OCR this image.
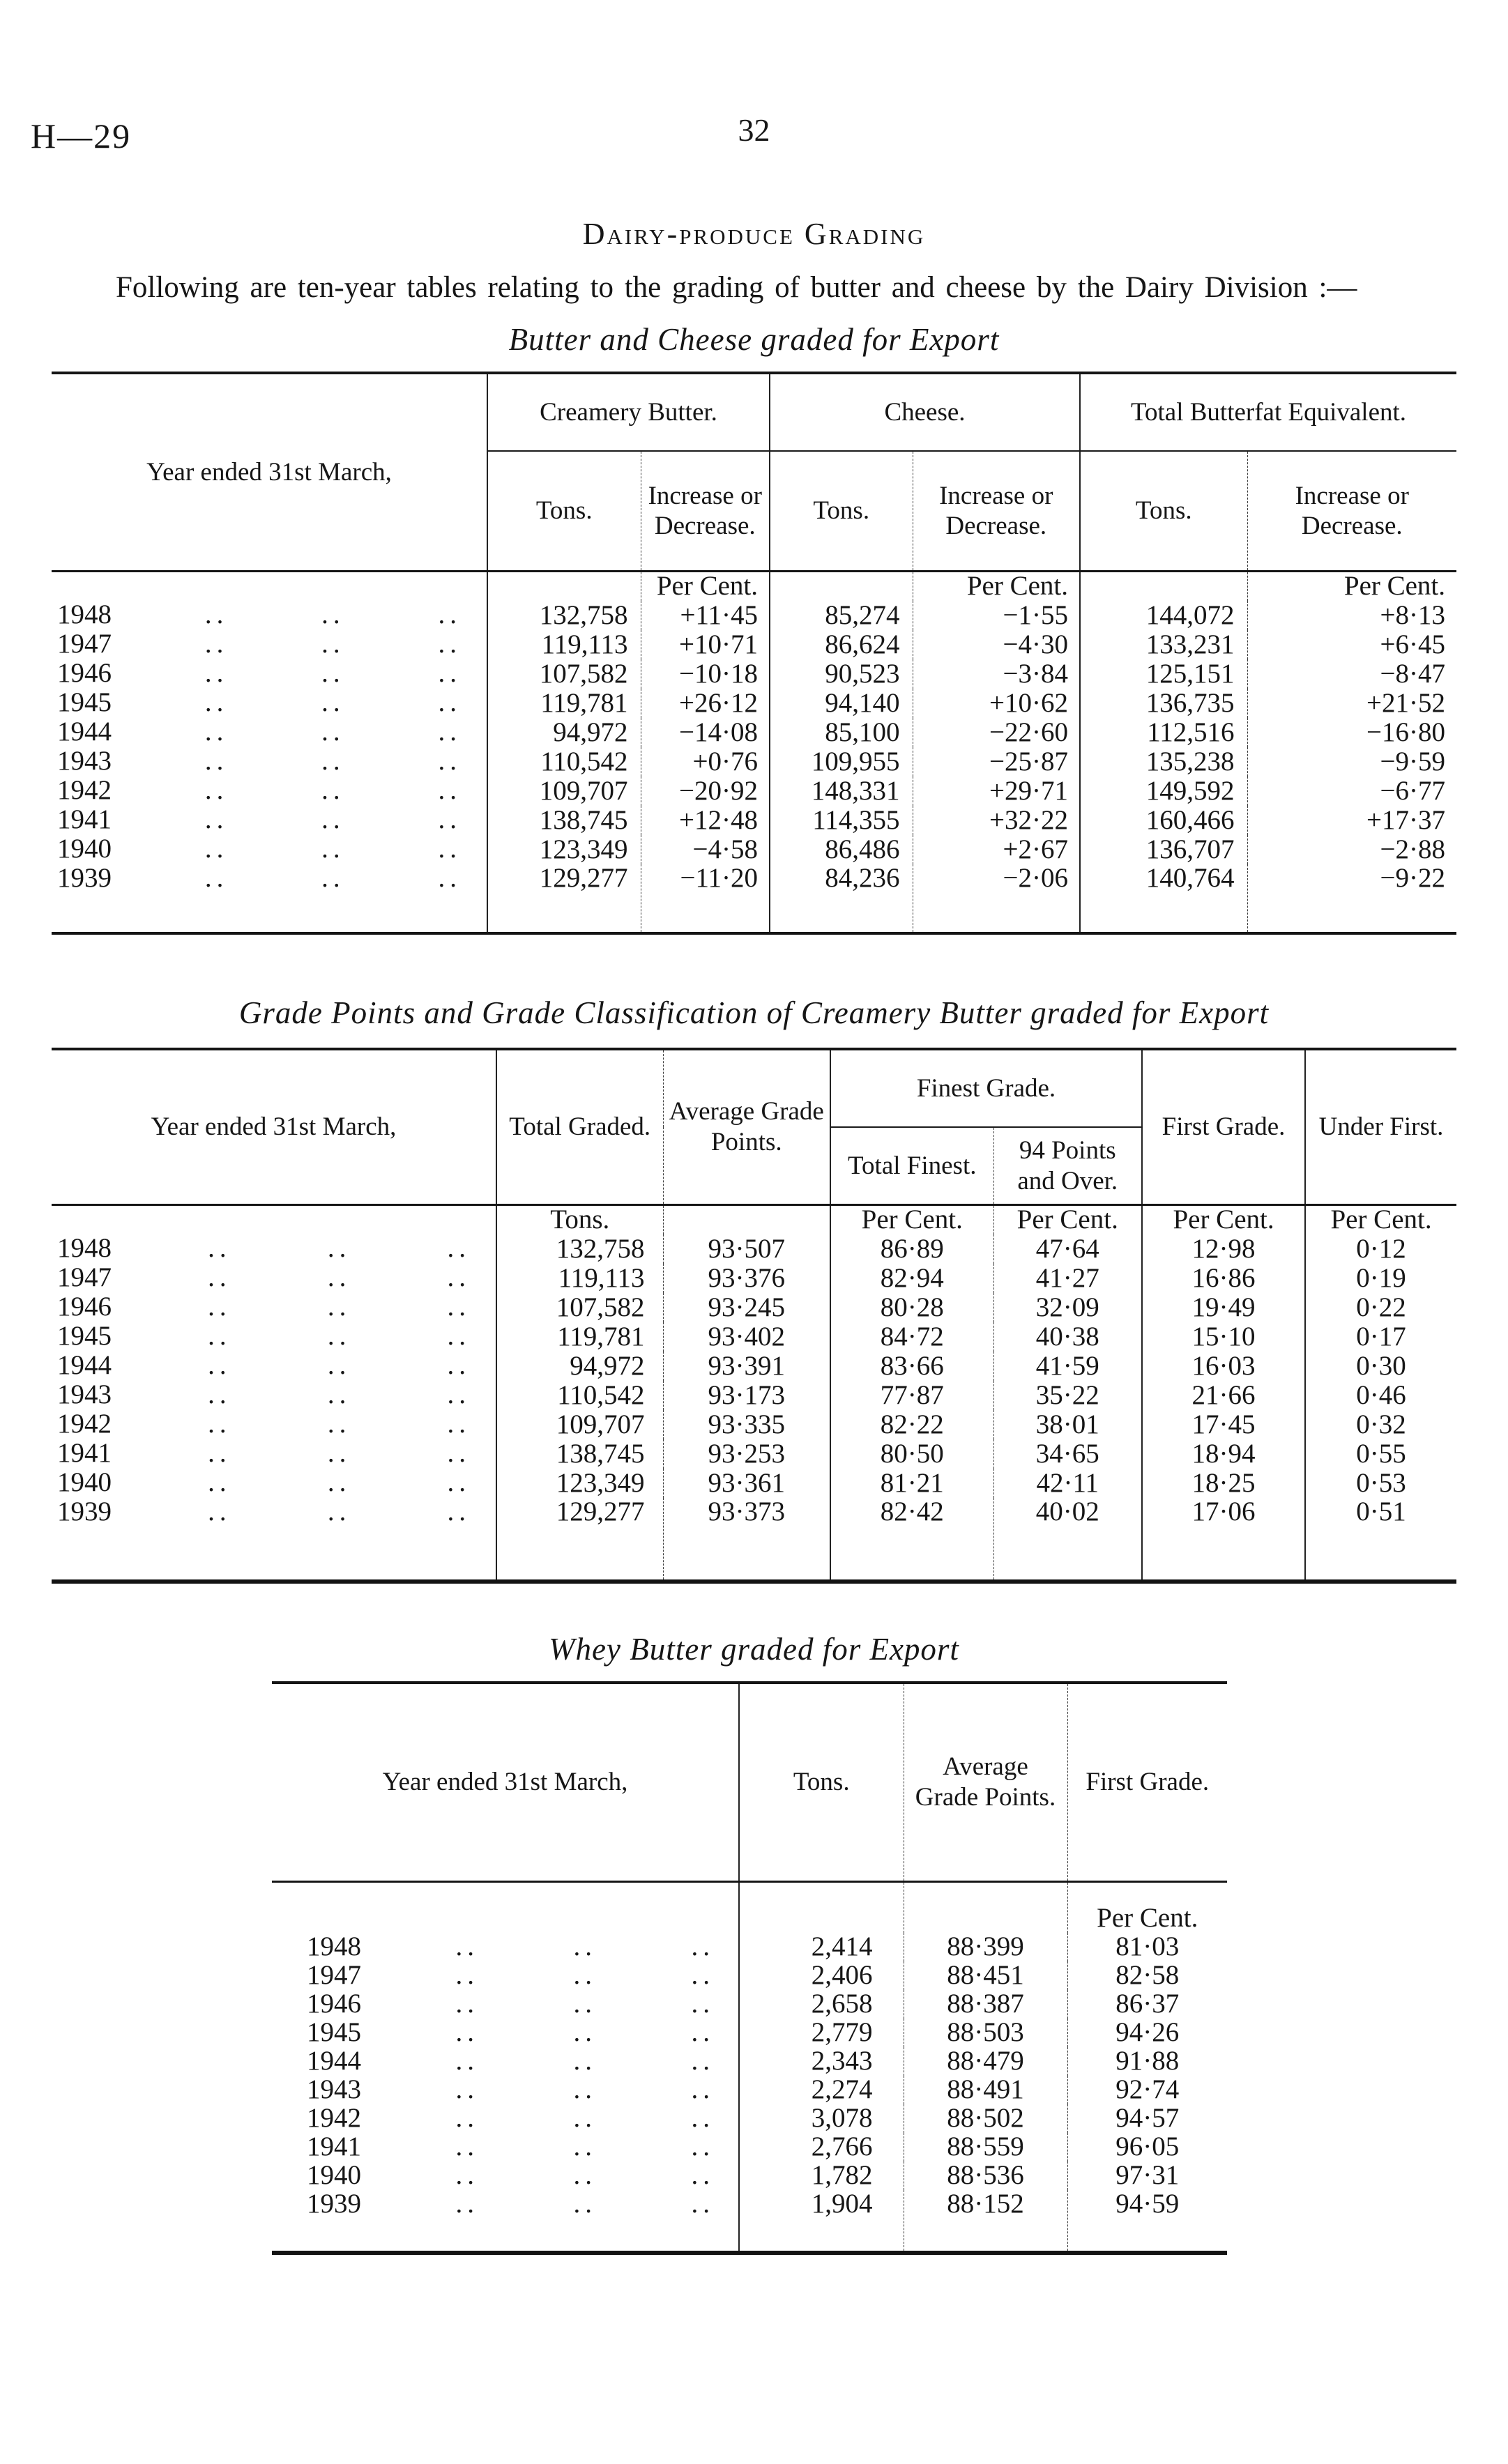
H—29	32
Dairy-produce Grading

Following are ten-year tables relating to the grading of butter and cheese by the Dairy Division :—

Butter and Cheese graded for Export
Year ended 31st March,	Creamery Butter.		Cheese.		Total Butterfat Equivalent.	
	Tons.	Increase or Decrease.	Tons.	Increase or Decrease.	Tons.	Increase or Decrease.
		Per Cent.		Per Cent.		Per Cent.

1948	..	..	..	132,758	+11·45	85,274	−1·55	144,072	+8·13

1947	..	..	..	119,113	+10·71	86,624	−4·30	133,231	+6·45

1946	..	..	..	107,582	−10·18	90,523	−3·84	125,151	−8·47

1945	..	..	..	119,781	+26·12	94,140	+10·62	136,735	+21·52

1944	..	..	..	94,972	−14·08	85,100	−22·60	112,516	−16·80

1943	..	..	..	110,542	+0·76	109,955	−25·87	135,238	−9·59

1942	..	..	..	109,707	−20·92	148,331	+29·71	149,592	−6·77

1941	..	..	..	138,745	+12·48	114,355	+32·22	160,466	+17·37

1940	..	..	..	123,349	−4·58	86,486	+2·67	136,707	−2·88

1939	..	..	..	129,277	−11·20	84,236	−2·06	140,764	−9·22
Grade Points and Grade Classification of Creamery Butter graded for Export
Year ended 31st March,	Total Graded.	Average Grade Points.	Finest Grade.		First Grade.	Under First.
			Total Finest.	94 Points and Over.		
	Tons.		Per Cent.	Per Cent.	Per Cent.	Per Cent.

1948	..	..	..	132,758	93·507	86·89	47·64	12·98	0·12

1947	..	..	..	119,113	93·376	82·94	41·27	16·86	0·19

1946	..	..	..	107,582	93·245	80·28	32·09	19·49	0·22

1945	..	..	..	119,781	93·402	84·72	40·38	15·10	0·17

1944	..	..	..	94,972	93·391	83·66	41·59	16·03	0·30

1943	..	..	..	110,542	93·173	77·87	35·22	21·66	0·46

1942	..	..	..	109,707	93·335	82·22	38·01	17·45	0·32

1941	..	..	..	138,745	93·253	80·50	34·65	18·94	0·55

1940	..	..	..	123,349	93·361	81·21	42·11	18·25	0·53

1939	..	..	..	129,277	93·373	82·42	40·02	17·06	0·51
Whey Butter graded for Export
Year ended 31st March,	Tons.	Average Grade Points.	First Grade.
			Per Cent.

1948	..	..	..	2,414	88·399	81·03

1947	..	..	..	2,406	88·451	82·58

1946	..	..	..	2,658	88·387	86·37

1945	..	..	..	2,779	88·503	94·26

1944	..	..	..	2,343	88·479	91·88

1943	..	..	..	2,274	88·491	92·74

1942	..	..	..	3,078	88·502	94·57

1941	..	..	..	2,766	88·559	96·05

1940	..	..	..	1,782	88·536	97·31

1939	..	..	..	1,904	88·152	94·59
